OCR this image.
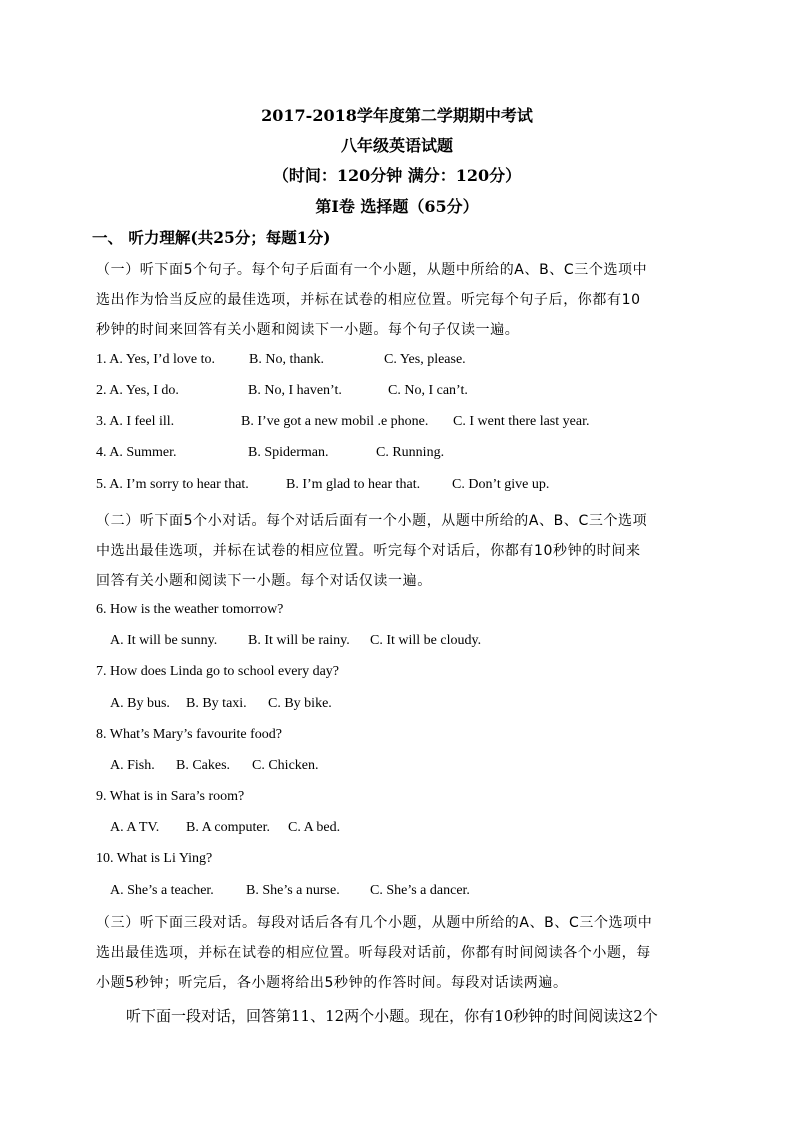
2017-2018学年度第二学期期中考试
八年级英语试题
（时间：120分钟 满分：120分）
第Ⅰ卷 选择题（65分）
一、 听力理解(共25分；每题1分)
（一）听下面5个句子。每个句子后面有一个小题，从题中所给的A、B、C三个选项中
选出作为恰当反应的最佳选项，并标在试卷的相应位置。听完每个句子后，你都有10
秒钟的时间来回答有关小题和阅读下一小题。每个句子仅读一遍。
1. A. Yes, I’d love to. B. No, thank.	C. Yes, please.
2. A. Yes, I do.	B. No, I haven’t.	C. No, I can’t.
3. A. I feel ill.	B. I’ve got a new mobil .e phone. C. I went there last year.
4. A. Summer.	B. Spiderman.	C. Running.
5. A. I’m sorry to hear that.	B. I’m glad to hear that. C. Don’t give up.
（二）听下面5个小对话。每个对话后面有一个小题，从题中所给的A、B、C三个选项
中选出最佳选项，并标在试卷的相应位置。听完每个对话后，你都有10秒钟的时间来
回答有关小题和阅读下一小题。每个对话仅读一遍。
6. How is the weather tomorrow?
A. It will be sunny. B. It will be rainy. C. It will be cloudy.
7. How does Linda go to school every day?
A. By bus. B. By taxi. C. By bike.
8. What’s Mary’s favourite food?
A. Fish. B. Cakes. C. Chicken.
9. What is in Sara’s room?
A. A TV. B. A computer. C. A bed.
10. What is Li Ying?
A. She’s a teacher. B. She’s a nurse. C. She’s a dancer.
（三）听下面三段对话。每段对话后各有几个小题，从题中所给的A、B、C三个选项中
选出最佳选项，并标在试卷的相应位置。听每段对话前，你都有时间阅读各个小题，每
小题5秒钟；听完后，各小题将给出5秒钟的作答时间。每段对话读两遍。
听下面一段对话，回答第11、12两个小题。现在，你有10秒钟的时间阅读这2个
